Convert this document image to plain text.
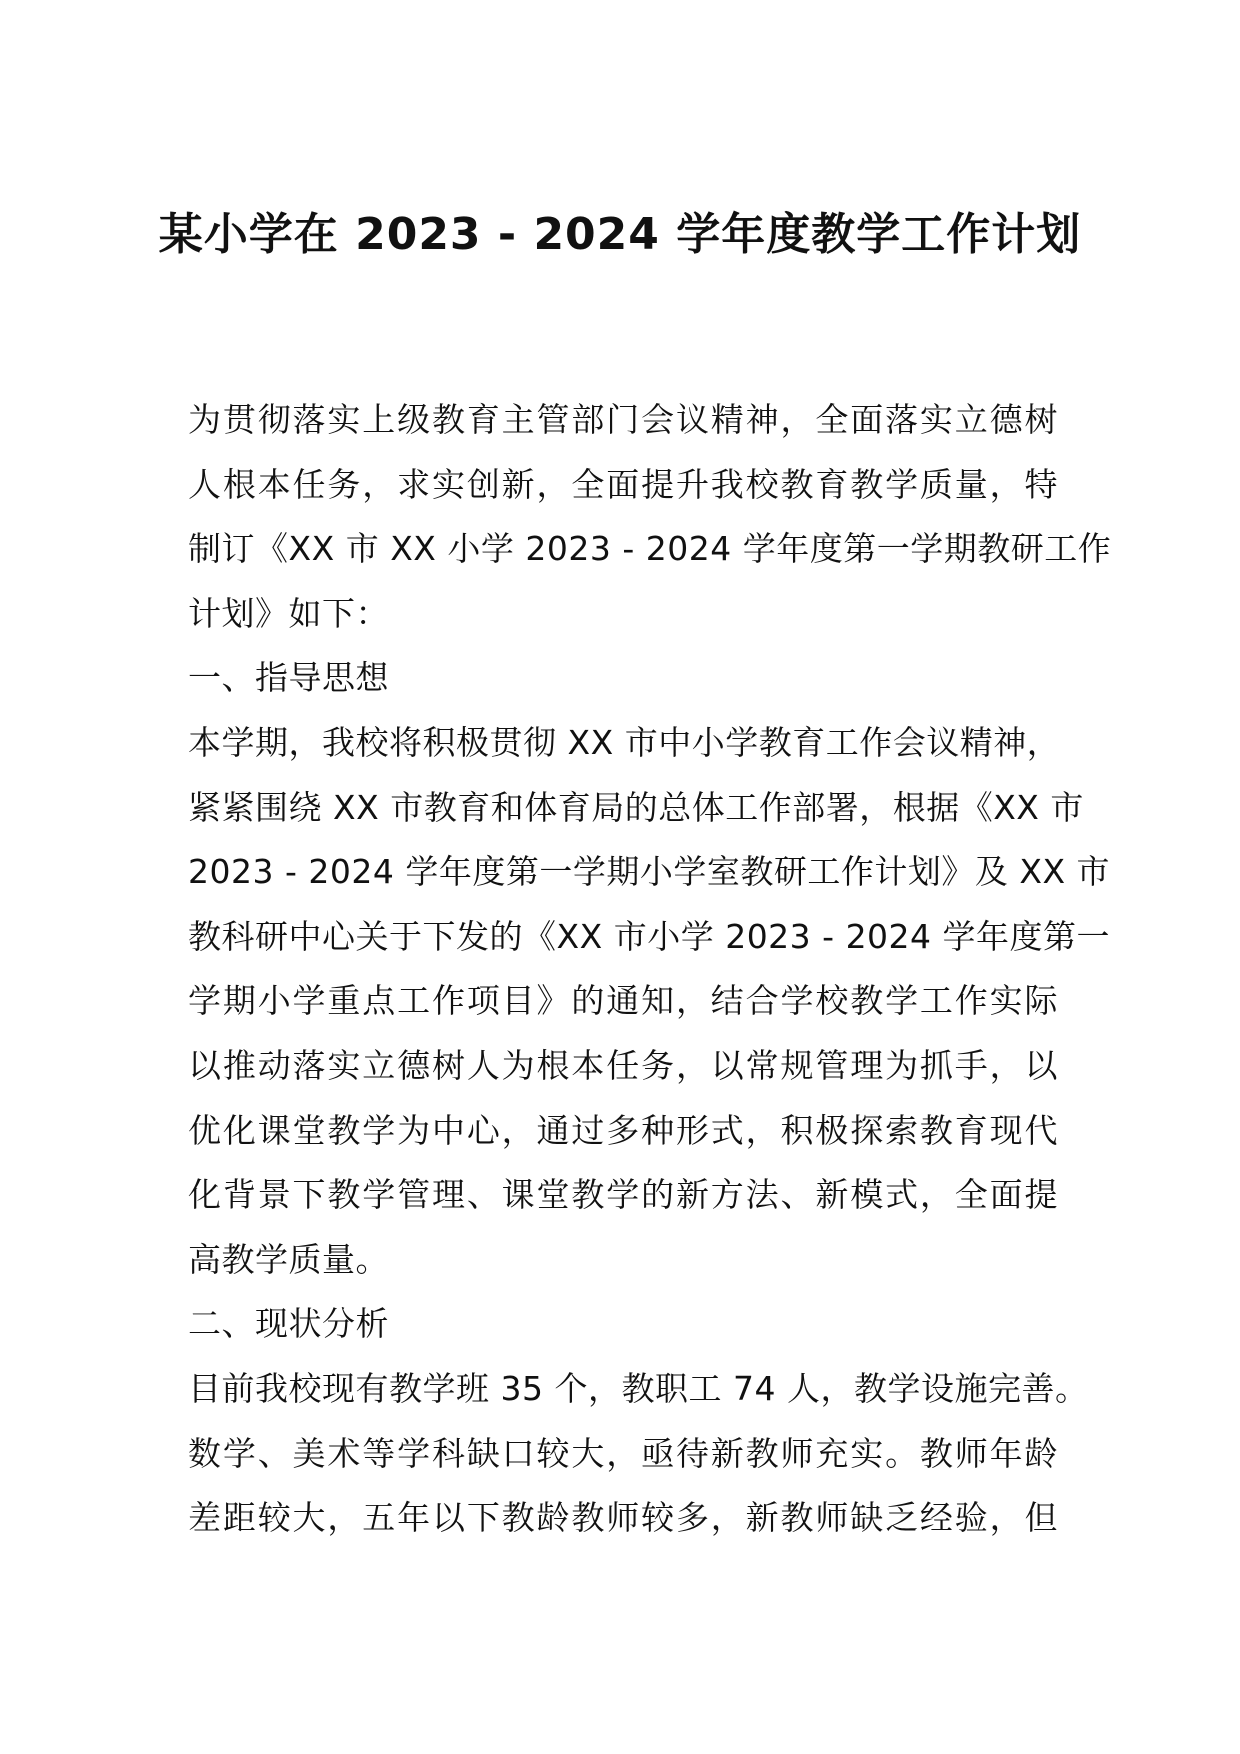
某小学在 2023 - 2024 学年度教学工作计划
为贯彻落实上级教育主管部门会议精神，全面落实立德树
人根本任务，求实创新，全面提升我校教育教学质量，特
制订《XX 市 XX 小学 2023 - 2024 学年度第一学期教研工作
计划》如下：
一、指导思想
本学期，我校将积极贯彻 XX 市中小学教育工作会议精神，
紧紧围绕 XX 市教育和体育局的总体工作部署，根据《XX 市
2023 - 2024 学年度第一学期小学室教研工作计划》及 XX 市
教科研中心关于下发的《XX 市小学 2023 - 2024 学年度第一
学期小学重点工作项目》的通知，结合学校教学工作实际
以推动落实立德树人为根本任务，以常规管理为抓手，以
优化课堂教学为中心，通过多种形式，积极探索教育现代
化背景下教学管理、课堂教学的新方法、新模式，全面提
高教学质量。
二、现状分析
目前我校现有教学班 35 个，教职工 74 人，教学设施完善。
数学、美术等学科缺口较大，亟待新教师充实。教师年龄
差距较大，五年以下教龄教师较多，新教师缺乏经验，但
